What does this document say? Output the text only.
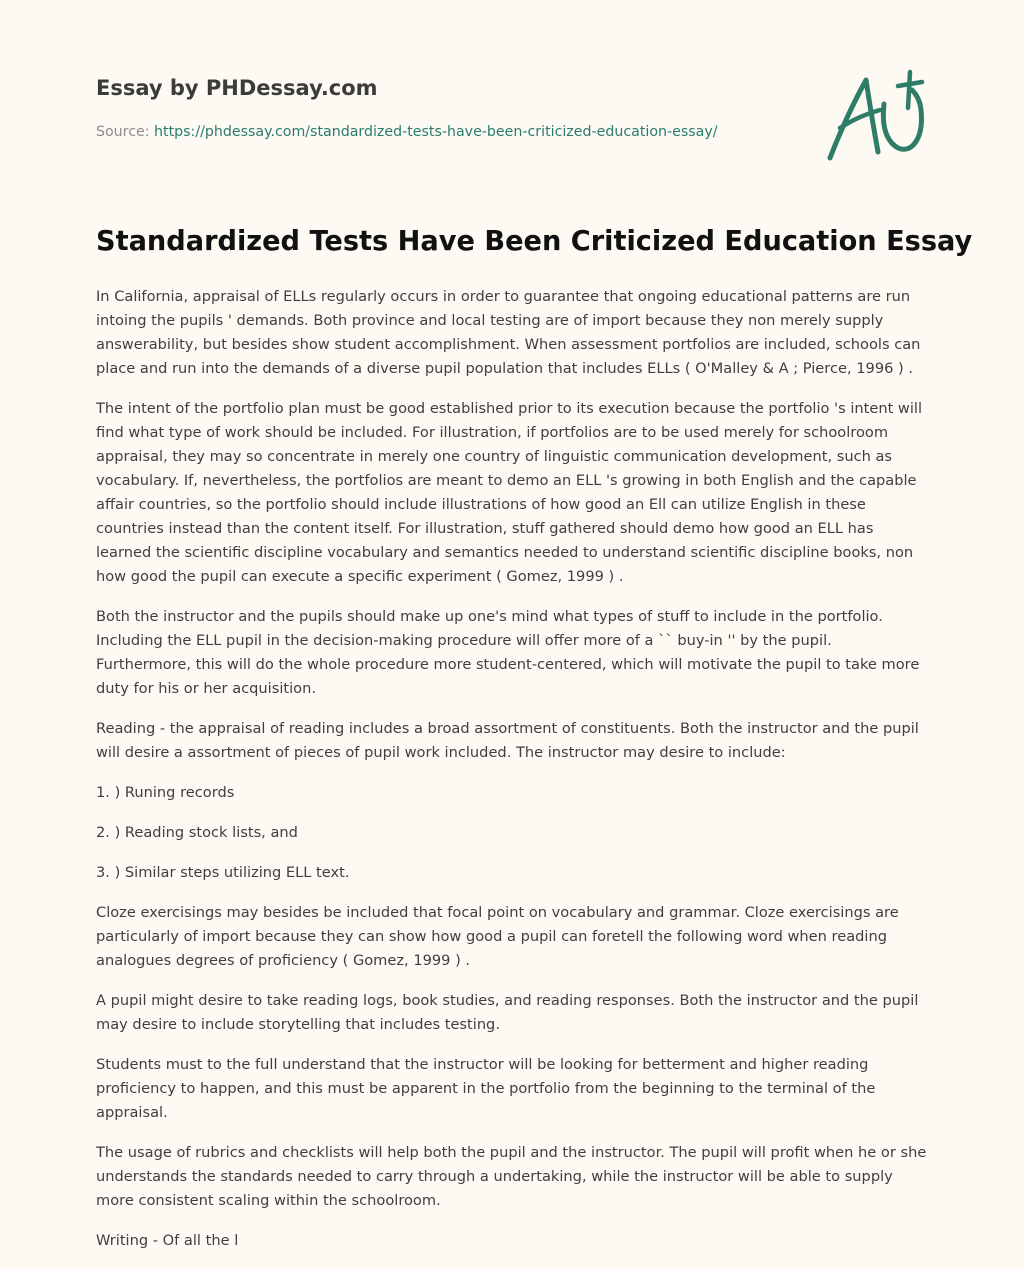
Essay by PHDessay.com
Source: https://phdessay.com/standardized-tests-have-been-criticized-education-essay/
Standardized Tests Have Been Criticized Education Essay

In California, appraisal of ELLs regularly occurs in order to guarantee that ongoing educational patterns are run intoing the pupils ' demands. Both province and local testing are of import because they non merely supply answerability, but besides show student accomplishment. When assessment portfolios are included, schools can place and run into the demands of a diverse pupil population that includes ELLs ( O'Malley & A ; Pierce, 1996 ) .

The intent of the portfolio plan must be good established prior to its execution because the portfolio 's intent will find what type of work should be included. For illustration, if portfolios are to be used merely for schoolroom appraisal, they may so concentrate in merely one country of linguistic communication development, such as vocabulary. If, nevertheless, the portfolios are meant to demo an ELL 's growing in both English and the capable affair countries, so the portfolio should include illustrations of how good an Ell can utilize English in these countries instead than the content itself. For illustration, stuff gathered should demo how good an ELL has learned the scientific discipline vocabulary and semantics needed to understand scientific discipline books, non how good the pupil can execute a specific experiment ( Gomez, 1999 ) .

Both the instructor and the pupils should make up one's mind what types of stuff to include in the portfolio. Including the ELL pupil in the decision-making procedure will offer more of a `` buy-in '' by the pupil. Furthermore, this will do the whole procedure more student-centered, which will motivate the pupil to take more duty for his or her acquisition.

Reading - the appraisal of reading includes a broad assortment of constituents. Both the instructor and the pupil will desire a assortment of pieces of pupil work included. The instructor may desire to include:

1. ) Runing records

2. ) Reading stock lists, and

3. ) Similar steps utilizing ELL text.

Cloze exercisings may besides be included that focal point on vocabulary and grammar. Cloze exercisings are particularly of import because they can show how good a pupil can foretell the following word when reading analogues degrees of proficiency ( Gomez, 1999 ) .

A pupil might desire to take reading logs, book studies, and reading responses. Both the instructor and the pupil may desire to include storytelling that includes testing.

Students must to the full understand that the instructor will be looking for betterment and higher reading proficiency to happen, and this must be apparent in the portfolio from the beginning to the terminal of the appraisal.

The usage of rubrics and checklists will help both the pupil and the instructor. The pupil will profit when he or she understands the standards needed to carry through a undertaking, while the instructor will be able to supply more consistent scaling within the schoolroom.

Writing - Of all the l
